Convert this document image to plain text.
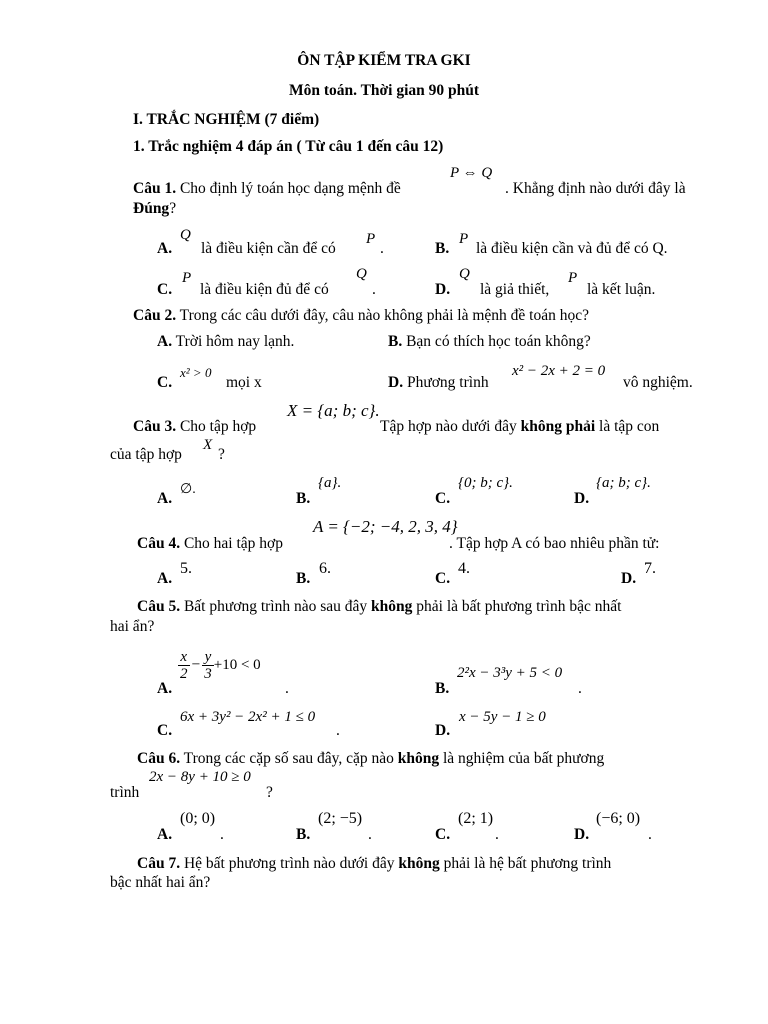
ÔN TẬP KIỂM TRA GKI
Môn toán. Thời gian 90 phút
I. TRẮC NGHIỆM (7 điểm)
1. Trắc nghiệm 4 đáp án ( Từ câu 1 đến câu 12)
P ⇔ Q
Câu 1. Cho định lý toán học dạng mệnh đề	. Khẳng định nào dưới đây là
Đúng?
A.
Q
là điều kiện cần để có
P
.	B.
P
là điều kiện cần và đủ để có Q.
C.
P
là điều kiện đủ để có
Q
.	D.
Q
là giả thiết,
P
là kết luận.
Câu 2. Trong các câu dưới đây, câu nào không phải là mệnh đề toán học?
A. Trời hôm nay lạnh.	B. Bạn có thích học toán không?
C.
x² > 0
mọi x	D. Phương trình
x² − 2x + 2 = 0
vô nghiệm.
X = {a; b; c}.
Câu 3. Cho tập hợp	Tập hợp nào dưới đây không phải là tập con
của tập hợp
X
?
A.
∅.
B.
{a}.
C.
{0; b; c}.
D.
{a; b; c}.
A = {−2; −4, 2, 3, 4}
Câu 4. Cho hai tập hợp	. Tập hợp A có bao nhiêu phần tử:
A.
5.
B.
6.
C.
4.
D.
7.
Câu 5. Bất phương trình nào sau đây không phải là bất phương trình bậc nhất
hai ẩn?
A.
$\frac{x}{2} - \frac{y}{3} +10 < 0$
.	B.
2²x − 3³y + 5 < 0
.
C.
6x + 3y² − 2x² + 1 ≤ 0
.	D.
x − 5y − 1 ≥ 0
Câu 6. Trong các cặp số sau đây, cặp nào không là nghiệm của bất phương
2x − 8y + 10 ≥ 0
trình	?
A.
(0; 0)
.	B.
(2; −5)
.	C.
(2; 1)
.	D.
(−6; 0)
.
Câu 7. Hệ bất phương trình nào dưới đây không phải là hệ bất phương trình
bậc nhất hai ẩn?
